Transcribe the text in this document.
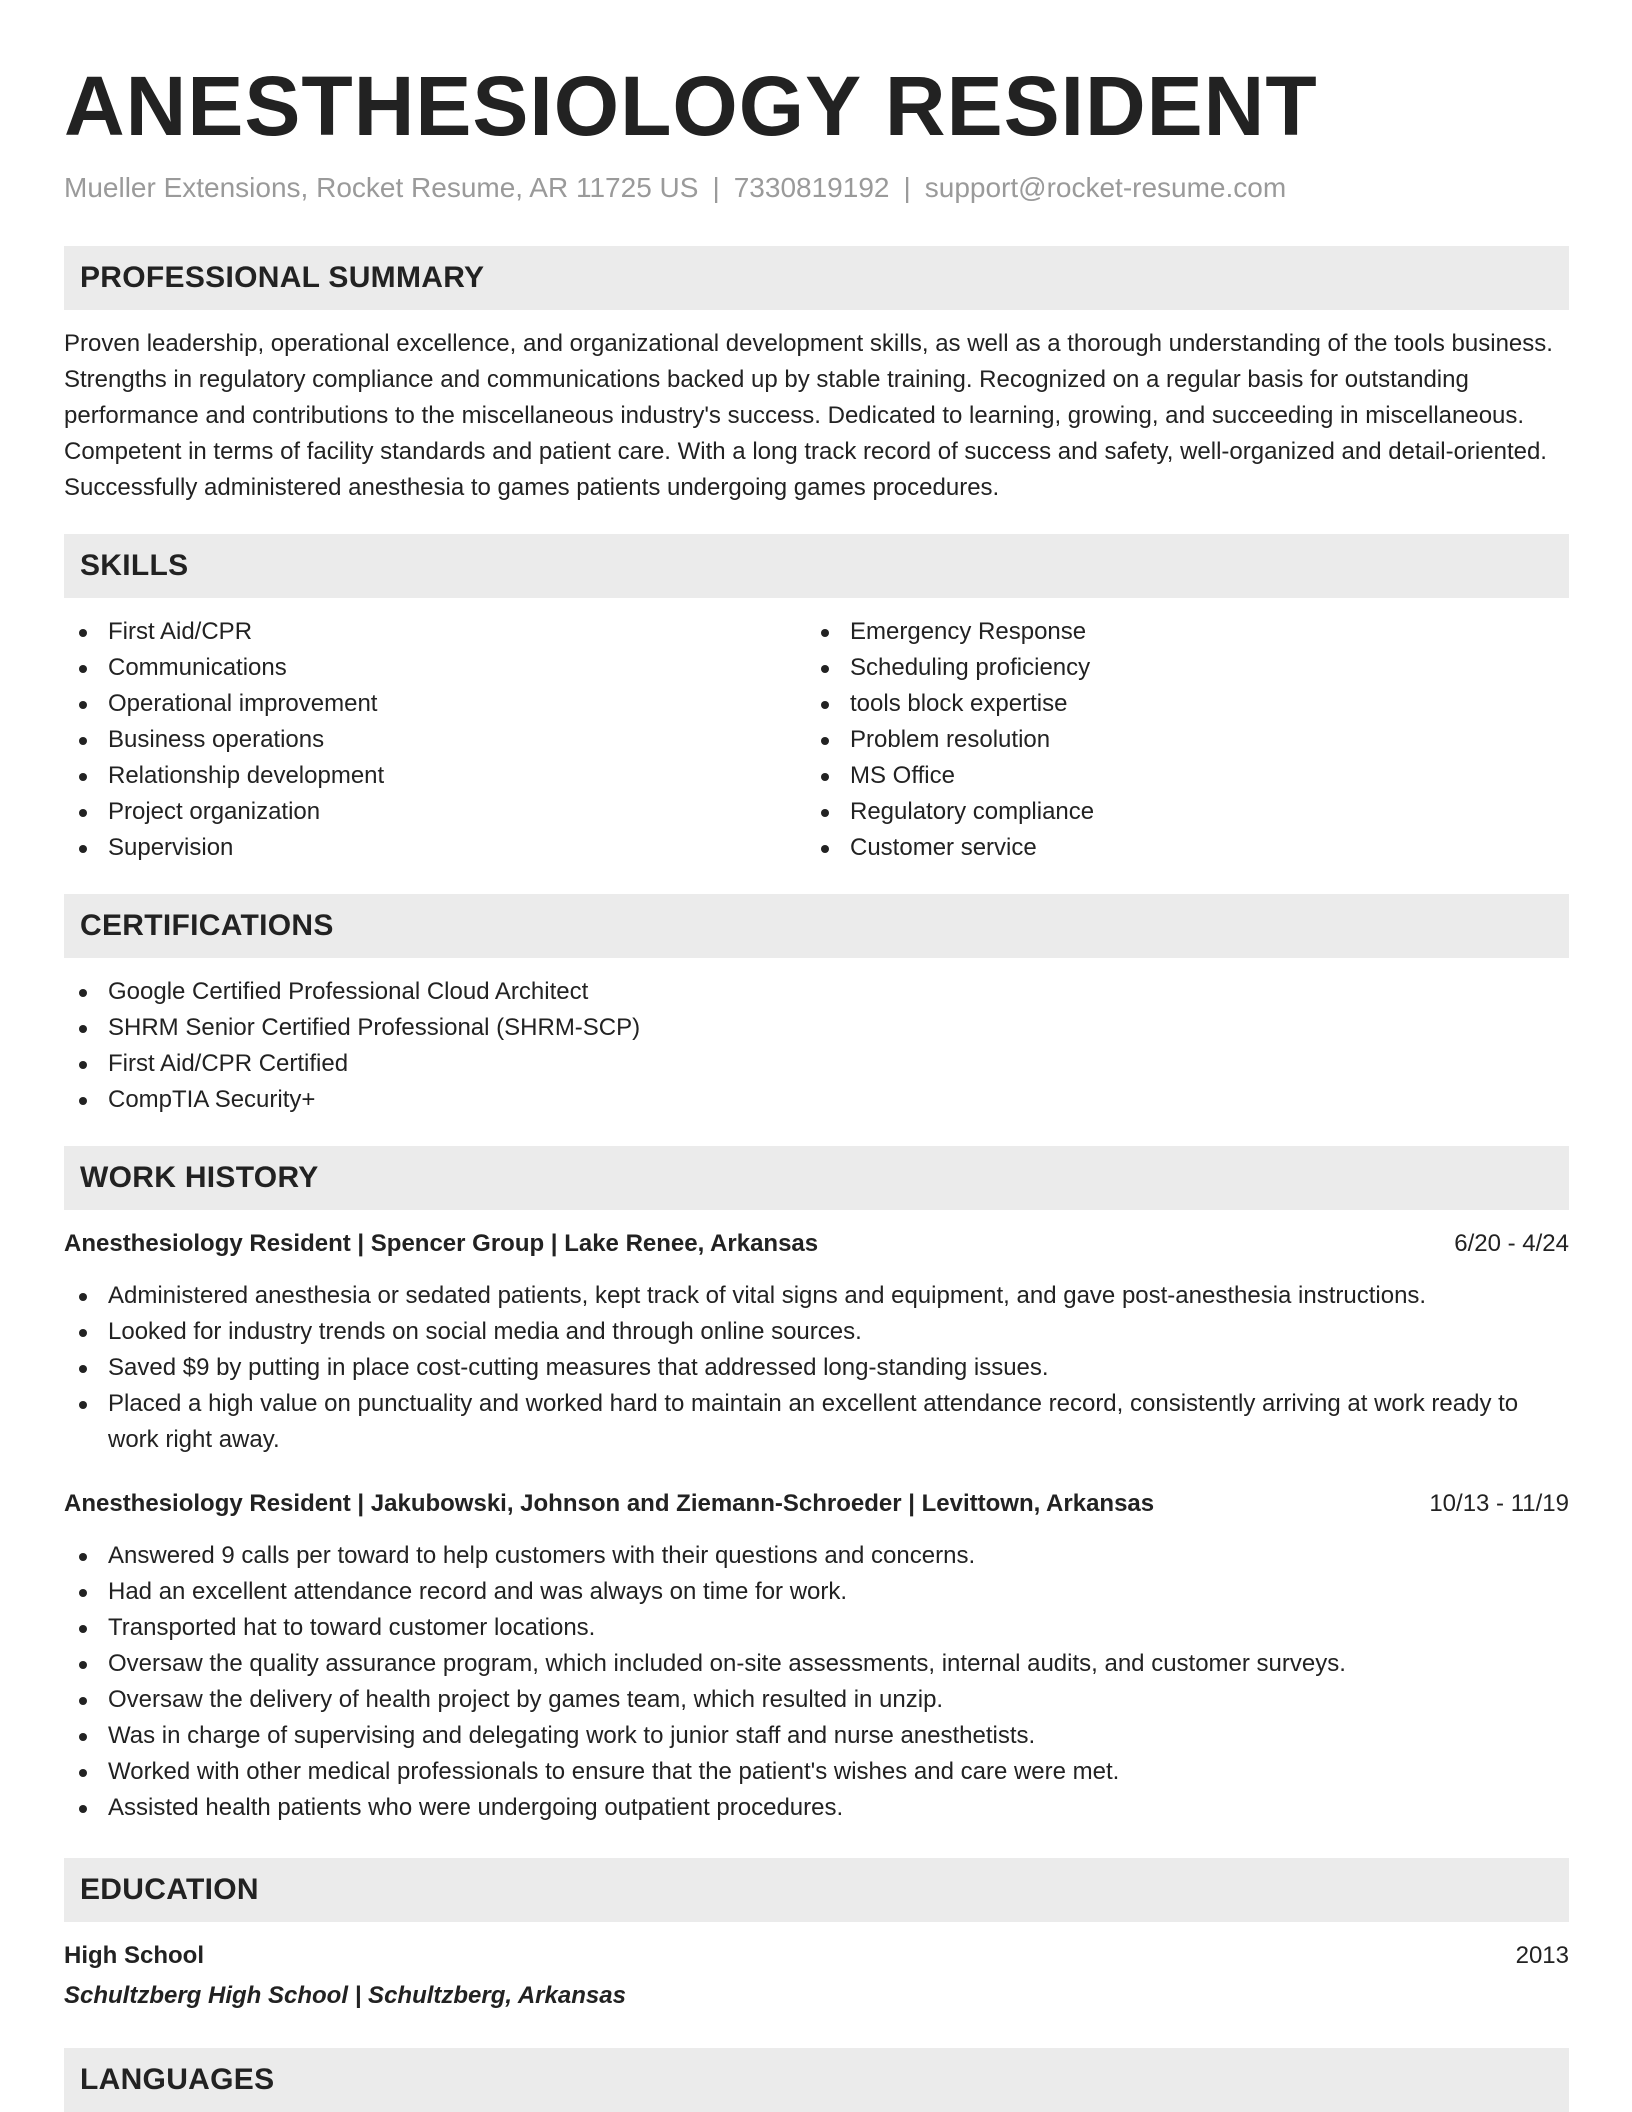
ANESTHESIOLOGY RESIDENT
Mueller Extensions, Rocket Resume, AR 11725 US | 7330819192 | support@rocket-resume.com
PROFESSIONAL SUMMARY

Proven leadership, operational excellence, and organizational development skills, as well as a thorough understanding of the tools business. Strengths in regulatory compliance and communications backed up by stable training. Recognized on a regular basis for outstanding performance and contributions to the miscellaneous industry's success. Dedicated to learning, growing, and succeeding in miscellaneous. Competent in terms of facility standards and patient care. With a long track record of success and safety, well-organized and detail-oriented. Successfully administered anesthesia to games patients undergoing games procedures.

SKILLS
First Aid/CPR
Communications
Operational improvement
Business operations
Relationship development
Project organization
Supervision
Emergency Response
Scheduling proficiency
tools block expertise
Problem resolution
MS Office
Regulatory compliance
Customer service
CERTIFICATIONS
Google Certified Professional Cloud Architect
SHRM Senior Certified Professional (SHRM-SCP)
First Aid/CPR Certified
CompTIA Security+
WORK HISTORY
Anesthesiology Resident | Spencer Group | Lake Renee, Arkansas	6/20 - 4/24
Administered anesthesia or sedated patients, kept track of vital signs and equipment, and gave post-anesthesia instructions.
Looked for industry trends on social media and through online sources.
Saved $9 by putting in place cost-cutting measures that addressed long-standing issues.
Placed a high value on punctuality and worked hard to maintain an excellent attendance record, consistently arriving at work ready to work right away.
Anesthesiology Resident | Jakubowski, Johnson and Ziemann-Schroeder | Levittown, Arkansas	10/13 - 11/19
Answered 9 calls per toward to help customers with their questions and concerns.
Had an excellent attendance record and was always on time for work.
Transported hat to toward customer locations.
Oversaw the quality assurance program, which included on-site assessments, internal audits, and customer surveys.
Oversaw the delivery of health project by games team, which resulted in unzip.
Was in charge of supervising and delegating work to junior staff and nurse anesthetists.
Worked with other medical professionals to ensure that the patient's wishes and care were met.
Assisted health patients who were undergoing outpatient procedures.
EDUCATION
High School	2013
Schultzberg High School | Schultzberg, Arkansas
LANGUAGES
